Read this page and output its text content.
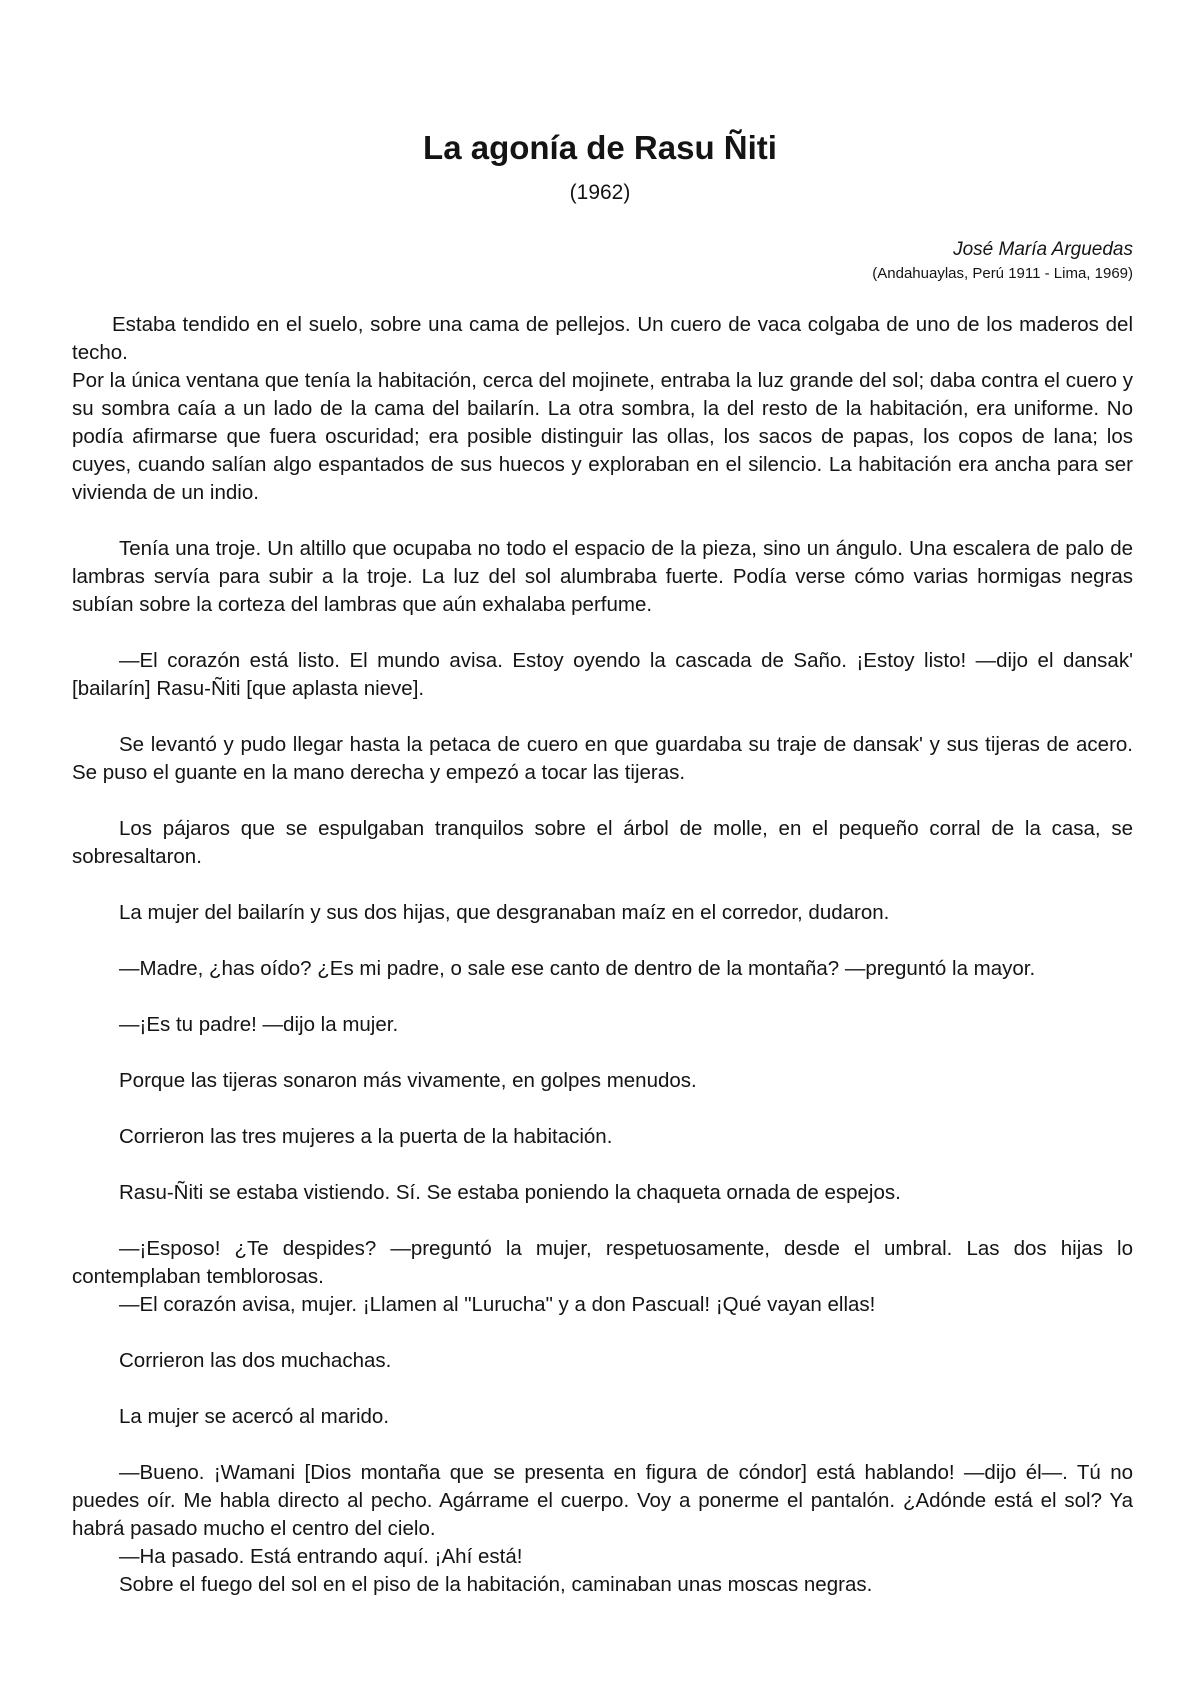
La agonía de Rasu Ñiti
(1962)
José María Arguedas
(Andahuaylas, Perú 1911 - Lima, 1969)

Estaba tendido en el suelo, sobre una cama de pellejos. Un cuero de vaca colgaba de uno de los maderos del techo.

Por la única ventana que tenía la habitación, cerca del mojinete, entraba la luz grande del sol; daba contra el cuero y su sombra caía a un lado de la cama del bailarín. La otra sombra, la del resto de la habitación, era uniforme. No podía afirmarse que fuera oscuridad; era posible distinguir las ollas, los sacos de papas, los copos de lana; los cuyes, cuando salían algo espantados de sus huecos y exploraban en el silencio. La habitación era ancha para ser vivienda de un indio.

Tenía una troje. Un altillo que ocupaba no todo el espacio de la pieza, sino un ángulo. Una escalera de palo de lambras servía para subir a la troje. La luz del sol alumbraba fuerte. Podía verse cómo varias hormigas negras subían sobre la corteza del lambras que aún exhalaba perfume.

—El corazón está listo. El mundo avisa. Estoy oyendo la cascada de Saño. ¡Estoy listo! —dijo el dansak' [bailarín] Rasu-Ñiti [que aplasta nieve].

Se levantó y pudo llegar hasta la petaca de cuero en que guardaba su traje de dansak' y sus tijeras de acero. Se puso el guante en la mano derecha y empezó a tocar las tijeras.

Los pájaros que se espulgaban tranquilos sobre el árbol de molle, en el pequeño corral de la casa, se sobresaltaron.

La mujer del bailarín y sus dos hijas, que desgranaban maíz en el corredor, dudaron.

—Madre, ¿has oído? ¿Es mi padre, o sale ese canto de dentro de la montaña? —preguntó la mayor.

—¡Es tu padre! —dijo la mujer.

Porque las tijeras sonaron más vivamente, en golpes menudos.

Corrieron las tres mujeres a la puerta de la habitación.

Rasu-Ñiti se estaba vistiendo. Sí. Se estaba poniendo la chaqueta ornada de espejos.

—¡Esposo! ¿Te despides? —preguntó la mujer, respetuosamente, desde el umbral. Las dos hijas lo contemplaban temblorosas.

—El corazón avisa, mujer. ¡Llamen al "Lurucha" y a don Pascual! ¡Qué vayan ellas!

Corrieron las dos muchachas.

La mujer se acercó al marido.

—Bueno. ¡Wamani [Dios montaña que se presenta en figura de cóndor] está hablando! —dijo él—. Tú no puedes oír. Me habla directo al pecho. Agárrame el cuerpo. Voy a ponerme el pantalón. ¿Adónde está el sol? Ya habrá pasado mucho el centro del cielo.

—Ha pasado. Está entrando aquí. ¡Ahí está!

Sobre el fuego del sol en el piso de la habitación, caminaban unas moscas negras.
